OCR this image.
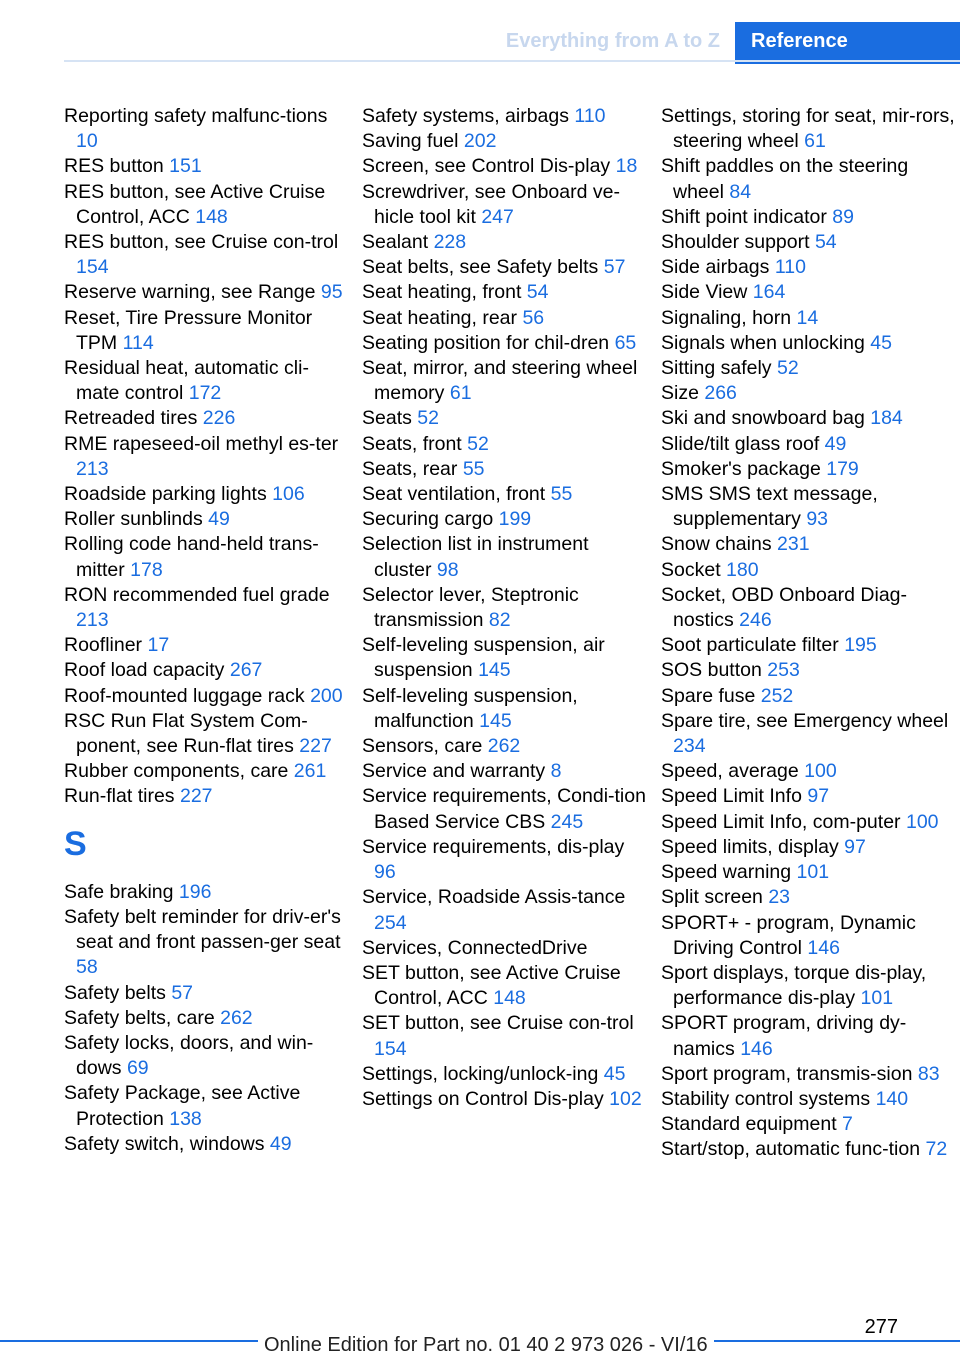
Everything from A to Z	Reference

Reporting safety malfunc-tions 10

RES button 151

RES button, see Active Cruise Control, ACC 148

RES button, see Cruise con-trol 154

Reserve warning, see Range 95

Reset, Tire Pressure Monitor TPM 114

Residual heat, automatic cli-mate control 172

Retreaded tires 226

RME rapeseed-oil methyl es-ter 213

Roadside parking lights 106

Roller sunblinds 49

Rolling code hand-held trans-mitter 178

RON recommended fuel grade 213

Roofliner 17

Roof load capacity 267

Roof-mounted luggage rack 200

RSC Run Flat System Com-ponent, see Run-flat tires 227

Rubber components, care 261

Run-flat tires 227

S

Safe braking 196

Safety belt reminder for driv-er's seat and front passen-ger seat 58

Safety belts 57

Safety belts, care 262

Safety locks, doors, and win-dows 69

Safety Package, see Active Protection 138

Safety switch, windows 49

Safety systems, airbags 110

Saving fuel 202

Screen, see Control Dis-play 18

Screwdriver, see Onboard ve-hicle tool kit 247

Sealant 228

Seat belts, see Safety belts 57

Seat heating, front 54

Seat heating, rear 56

Seating position for chil-dren 65

Seat, mirror, and steering wheel memory 61

Seats 52

Seats, front 52

Seats, rear 55

Seat ventilation, front 55

Securing cargo 199

Selection list in instrument cluster 98

Selector lever, Steptronic transmission 82

Self-leveling suspension, air suspension 145

Self-leveling suspension, malfunction 145

Sensors, care 262

Service and warranty 8

Service requirements, Condi-tion Based Service CBS 245

Service requirements, dis-play 96

Service, Roadside Assis-tance 254

Services, ConnectedDrive

SET button, see Active Cruise Control, ACC 148

SET button, see Cruise con-trol 154

Settings, locking/unlock-ing 45

Settings on Control Dis-play 102

Settings, storing for seat, mir-rors, steering wheel 61

Shift paddles on the steering wheel 84

Shift point indicator 89

Shoulder support 54

Side airbags 110

Side View 164

Signaling, horn 14

Signals when unlocking 45

Sitting safely 52

Size 266

Ski and snowboard bag 184

Slide/tilt glass roof 49

Smoker's package 179

SMS SMS text message, supplementary 93

Snow chains 231

Socket 180

Socket, OBD Onboard Diag-nostics 246

Soot particulate filter 195

SOS button 253

Spare fuse 252

Spare tire, see Emergency wheel 234

Speed, average 100

Speed Limit Info 97

Speed Limit Info, com-puter 100

Speed limits, display 97

Speed warning 101

Split screen 23

SPORT+ - program, Dynamic Driving Control 146

Sport displays, torque dis-play, performance dis-play 101

SPORT program, driving dy-namics 146

Sport program, transmis-sion 83

Stability control systems 140

Standard equipment 7

Start/stop, automatic func-tion 72

277
Online Edition for Part no. 01 40 2 973 026 - VI/16
